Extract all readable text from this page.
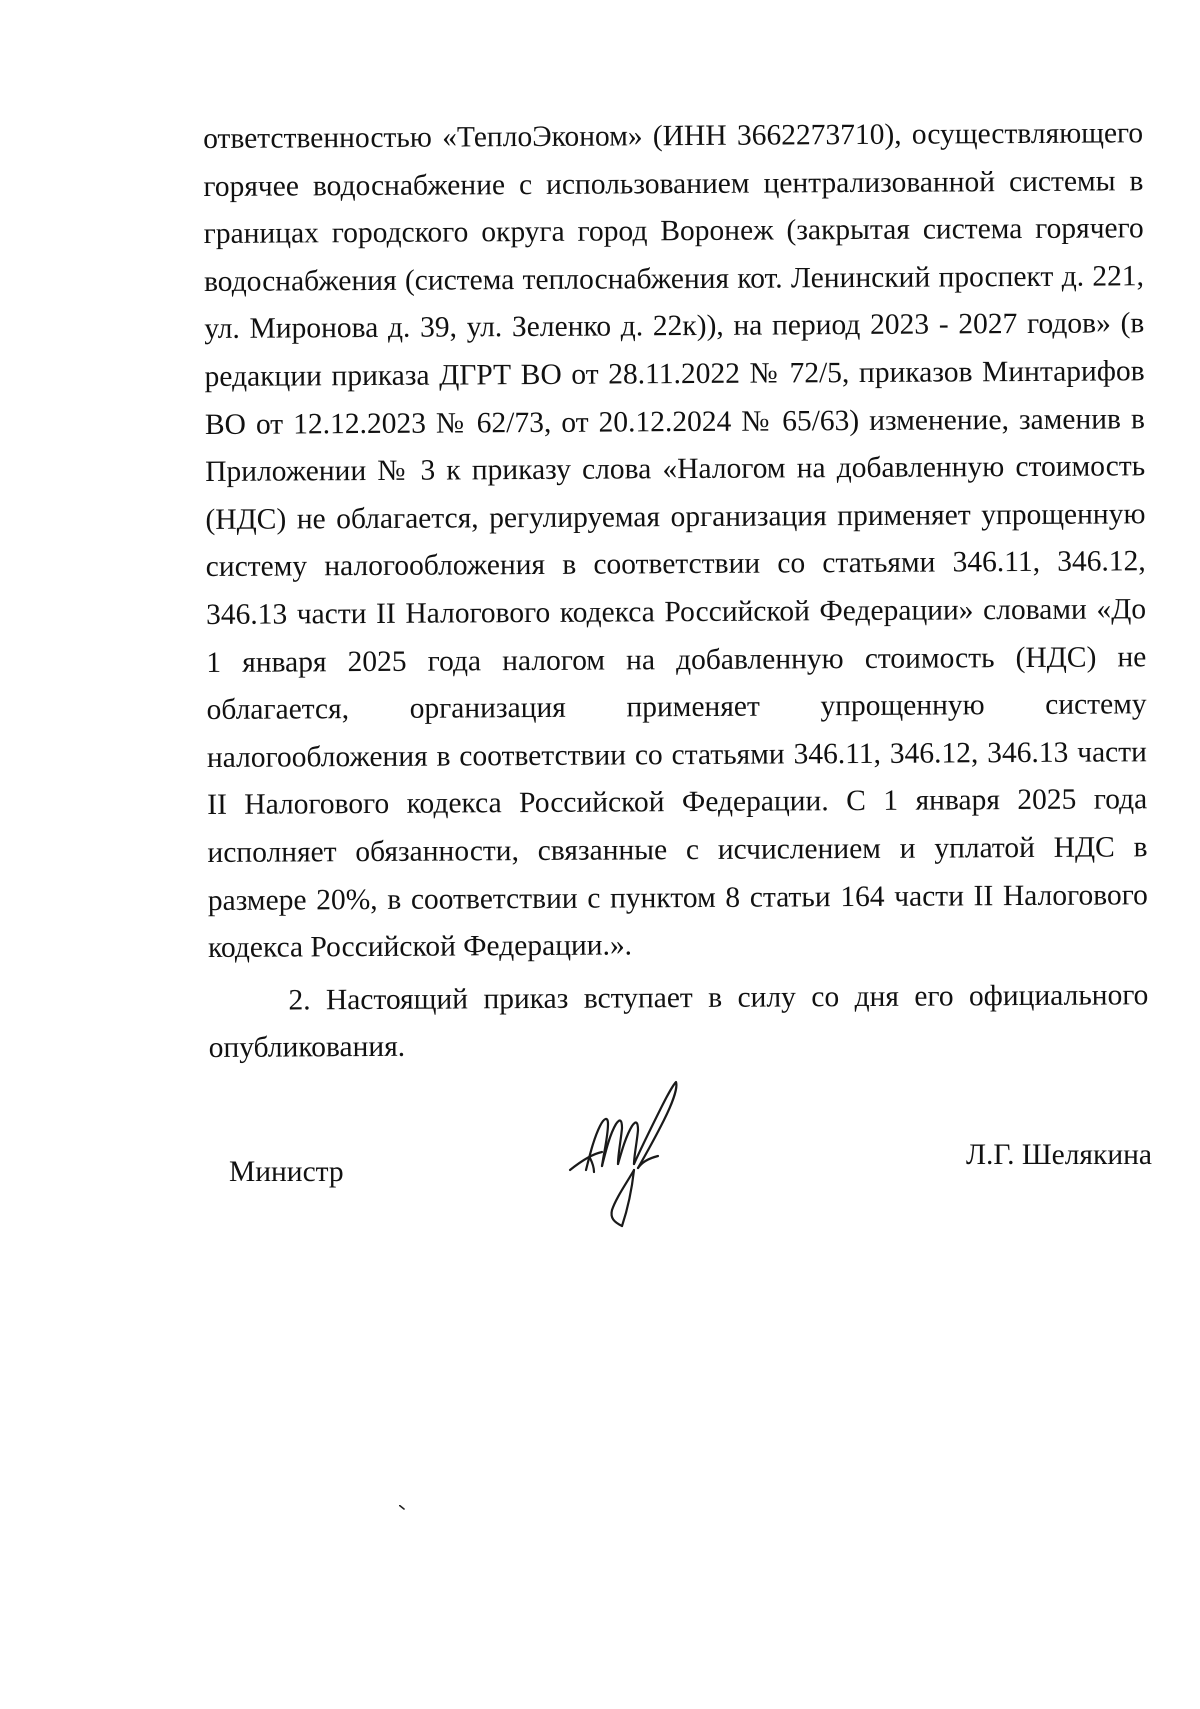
ответственностью «ТеплоЭконом» (ИНН 3662273710), осуществляющего горячее водоснабжение с использованием централизованной системы в границах городского округа город Воронеж (закрытая система горячего водоснабжения (система теплоснабжения кот. Ленинский проспект д. 221, ул. Миронова д. 39, ул. Зеленко д. 22к)), на период 2023 - 2027 годов» (в редакции приказа ДГРТ ВО от 28.11.2022 № 72/5, приказов Минтарифов ВО от 12.12.2023 № 62/73, от 20.12.2024 № 65/63) изменение, заменив в Приложении № 3 к приказу слова «Налогом на добавленную стоимость (НДС) не облагается, регулируемая организация применяет упрощенную систему налогообложения в соответствии со статьями 346.11, 346.12, 346.13 части II Налогового кодекса Российской Федерации» словами «До 1 января 2025 года налогом на добавленную стоимость (НДС) не облагается, организация применяет упрощенную систему налогообложения в соответствии со статьями 346.11, 346.12, 346.13 части II Налогового кодекса Российской Федерации. С 1 января 2025 года исполняет обязанности, связанные с исчислением и уплатой НДС в размере 20%, в соответствии с пунктом 8 статьи 164 части II Налогового кодекса Российской Федерации.».

2. Настоящий приказ вступает в силу со дня его официального опубликования.

Министр
Л.Г. Шелякина
